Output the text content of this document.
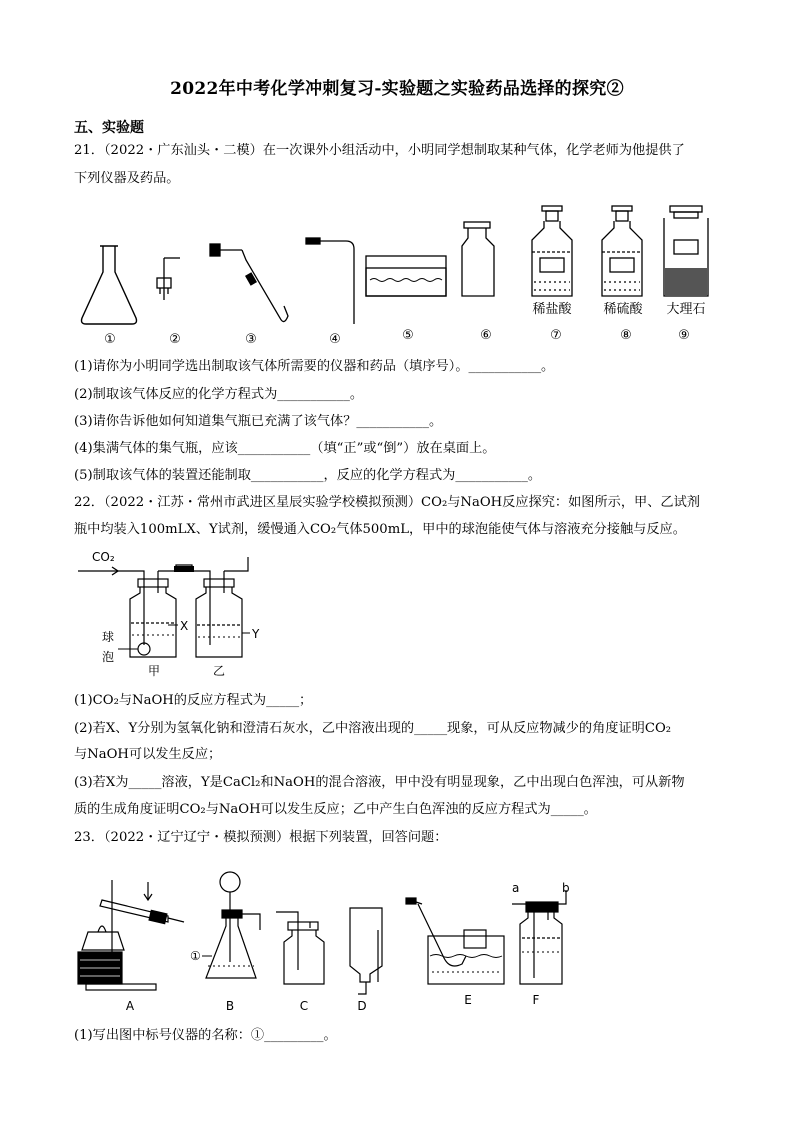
2022年中考化学冲刺复习-实验题之实验药品选择的探究②
五、实验题
21．（2022・广东汕头・二模）在一次课外小组活动中，小明同学想制取某种气体，化学老师为他提供了
下列仪器及药品。
①	②	③	④	⑤	⑥	⑦	⑧	⑨
稀盐酸 稀硫酸 大理石
(1)请你为小明同学选出制取该气体所需要的仪器和药品（填序号）。___________。
(2)制取该气体反应的化学方程式为___________。
(3)请你告诉他如何知道集气瓶已充满了该气体？___________。
(4)集满气体的集气瓶，应该___________（填“正”或“倒”）放在桌面上。
(5)制取该气体的装置还能制取___________，反应的化学方程式为___________。
22．（2022・江苏・常州市武进区星辰实验学校模拟预测）CO₂与NaOH反应探究：如图所示，甲、乙试剂
瓶中均装入100mLX、Y试剂，缓慢通入CO₂气体500mL，甲中的球泡能使气体与溶液充分接触与反应。
CO₂
X
Y
球
泡
甲	乙
(1)CO₂与NaOH的反应方程式为_____；
(2)若X、Y分别为氢氧化钠和澄清石灰水，乙中溶液出现的_____现象，可从反应物减少的角度证明CO₂
与NaOH可以发生反应；
(3)若X为_____溶液，Y是CaCl₂和NaOH的混合溶液，甲中没有明显现象，乙中出现白色浑浊，可从新物
质的生成角度证明CO₂与NaOH可以发生反应；乙中产生白色浑浊的反应方程式为_____。
23．（2022・辽宁辽宁・模拟预测）根据下列装置，回答问题：
A
①
B	C	D	E
a	b
F
(1)写出图中标号仪器的名称：①_________。
